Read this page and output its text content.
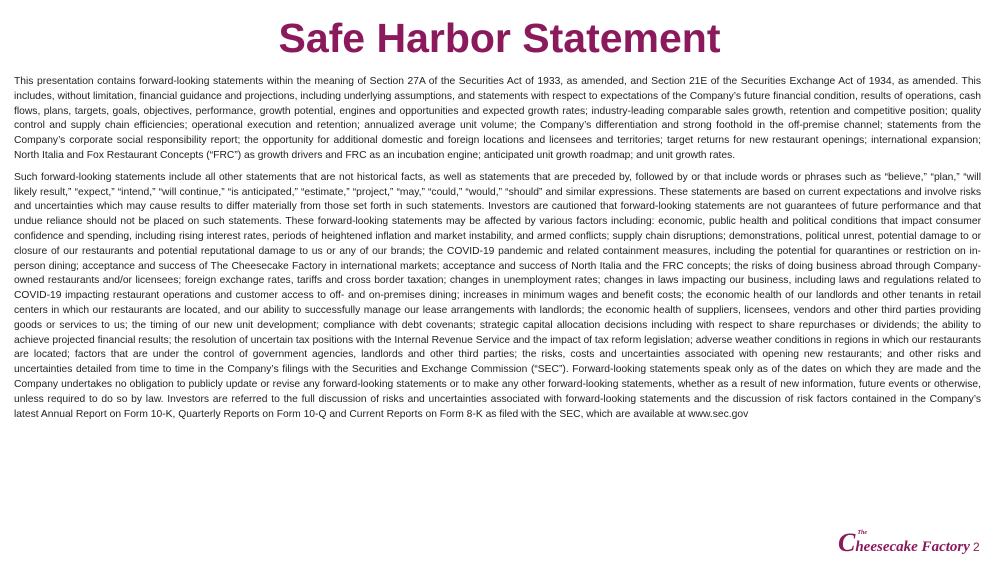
Safe Harbor Statement

This presentation contains forward-looking statements within the meaning of Section 27A of the Securities Act of 1933, as amended, and Section 21E of the Securities Exchange Act of 1934, as amended. This includes, without limitation, financial guidance and projections, including underlying assumptions, and statements with respect to expectations of the Company’s future financial condition, results of operations, cash flows, plans, targets, goals, objectives, performance, growth potential, engines and opportunities and expected growth rates; industry-leading comparable sales growth, retention and competitive position; quality control and supply chain efficiencies; operational execution and retention; annualized average unit volume; the Company’s differentiation and strong foothold in the off-premise channel; statements from the Company’s corporate social responsibility report; the opportunity for additional domestic and foreign locations and licensees and territories; target returns for new restaurant openings; international expansion; North Italia and Fox Restaurant Concepts (“FRC”) as growth drivers and FRC as an incubation engine; anticipated unit growth roadmap; and unit growth rates.

Such forward-looking statements include all other statements that are not historical facts, as well as statements that are preceded by, followed by or that include words or phrases such as “believe,” “plan,” “will likely result,” “expect,” “intend,” “will continue,” “is anticipated,” “estimate,” “project,” “may,” “could,” “would,” “should” and similar expressions. These statements are based on current expectations and involve risks and uncertainties which may cause results to differ materially from those set forth in such statements. Investors are cautioned that forward-looking statements are not guarantees of future performance and that undue reliance should not be placed on such statements. These forward-looking statements may be affected by various factors including: economic, public health and political conditions that impact consumer confidence and spending, including rising interest rates, periods of heightened inflation and market instability, and armed conflicts; supply chain disruptions; demonstrations, political unrest, potential damage to or closure of our restaurants and potential reputational damage to us or any of our brands; the COVID-19 pandemic and related containment measures, including the potential for quarantines or restriction on in-person dining; acceptance and success of The Cheesecake Factory in international markets; acceptance and success of North Italia and the FRC concepts; the risks of doing business abroad through Company-owned restaurants and/or licensees; foreign exchange rates, tariffs and cross border taxation; changes in unemployment rates; changes in laws impacting our business, including laws and regulations related to COVID-19 impacting restaurant operations and customer access to off- and on-premises dining; increases in minimum wages and benefit costs; the economic health of our landlords and other tenants in retail centers in which our restaurants are located, and our ability to successfully manage our lease arrangements with landlords; the economic health of suppliers, licensees, vendors and other third parties providing goods or services to us; the timing of our new unit development; compliance with debt covenants; strategic capital allocation decisions including with respect to share repurchases or dividends; the ability to achieve projected financial results; the resolution of uncertain tax positions with the Internal Revenue Service and the impact of tax reform legislation; adverse weather conditions in regions in which our restaurants are located; factors that are under the control of government agencies, landlords and other third parties; the risks, costs and uncertainties associated with opening new restaurants; and other risks and uncertainties detailed from time to time in the Company’s filings with the Securities and Exchange Commission (“SEC”). Forward-looking statements speak only as of the dates on which they are made and the Company undertakes no obligation to publicly update or revise any forward-looking statements or to make any other forward-looking statements, whether as a result of new information, future events or otherwise, unless required to do so by law. Investors are referred to the full discussion of risks and uncertainties associated with forward-looking statements and the discussion of risk factors contained in the Company’s latest Annual Report on Form 10-K, Quarterly Reports on Form 10-Q and Current Reports on Form 8-K as filed with the SEC, which are available at www.sec.gov

C The
heesecake Factory 2
